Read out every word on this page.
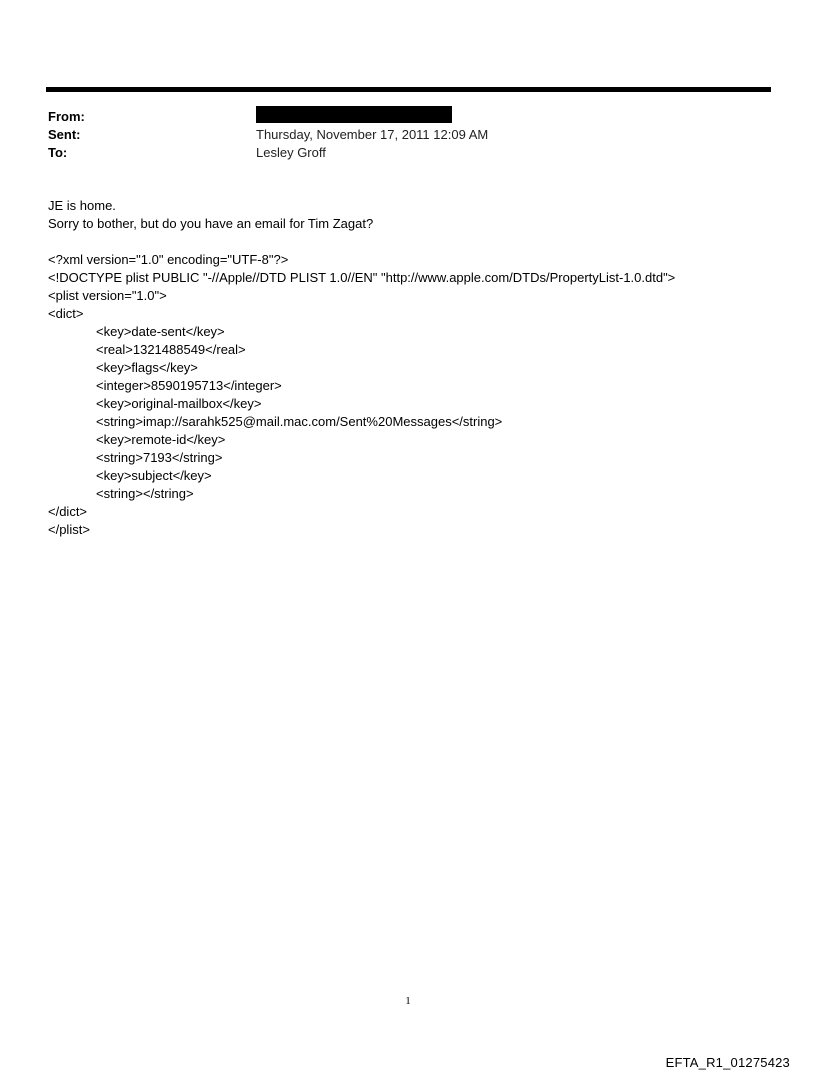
From:
Sent:	Thursday, November 17, 2011 12:09 AM
To:	Lesley Groff
JE is home.
Sorry to bother, but do you have an email for Tim Zagat?
<?xml version="1.0" encoding="UTF-8"?>
<!DOCTYPE plist PUBLIC "-//Apple//DTD PLIST 1.0//EN" "http://www.apple.com/DTDs/PropertyList-1.0.dtd">
<plist version="1.0">
<dict>
<key>date-sent</key>
<real>1321488549</real>
<key>flags</key>
<integer>8590195713</integer>
<key>original-mailbox</key>
<string>imap://sarahk525@mail.mac.com/Sent%20Messages</string>
<key>remote-id</key>
<string>7193</string>
<key>subject</key>
<string></string>
</dict>
</plist>
1
EFTA_R1_01275423
